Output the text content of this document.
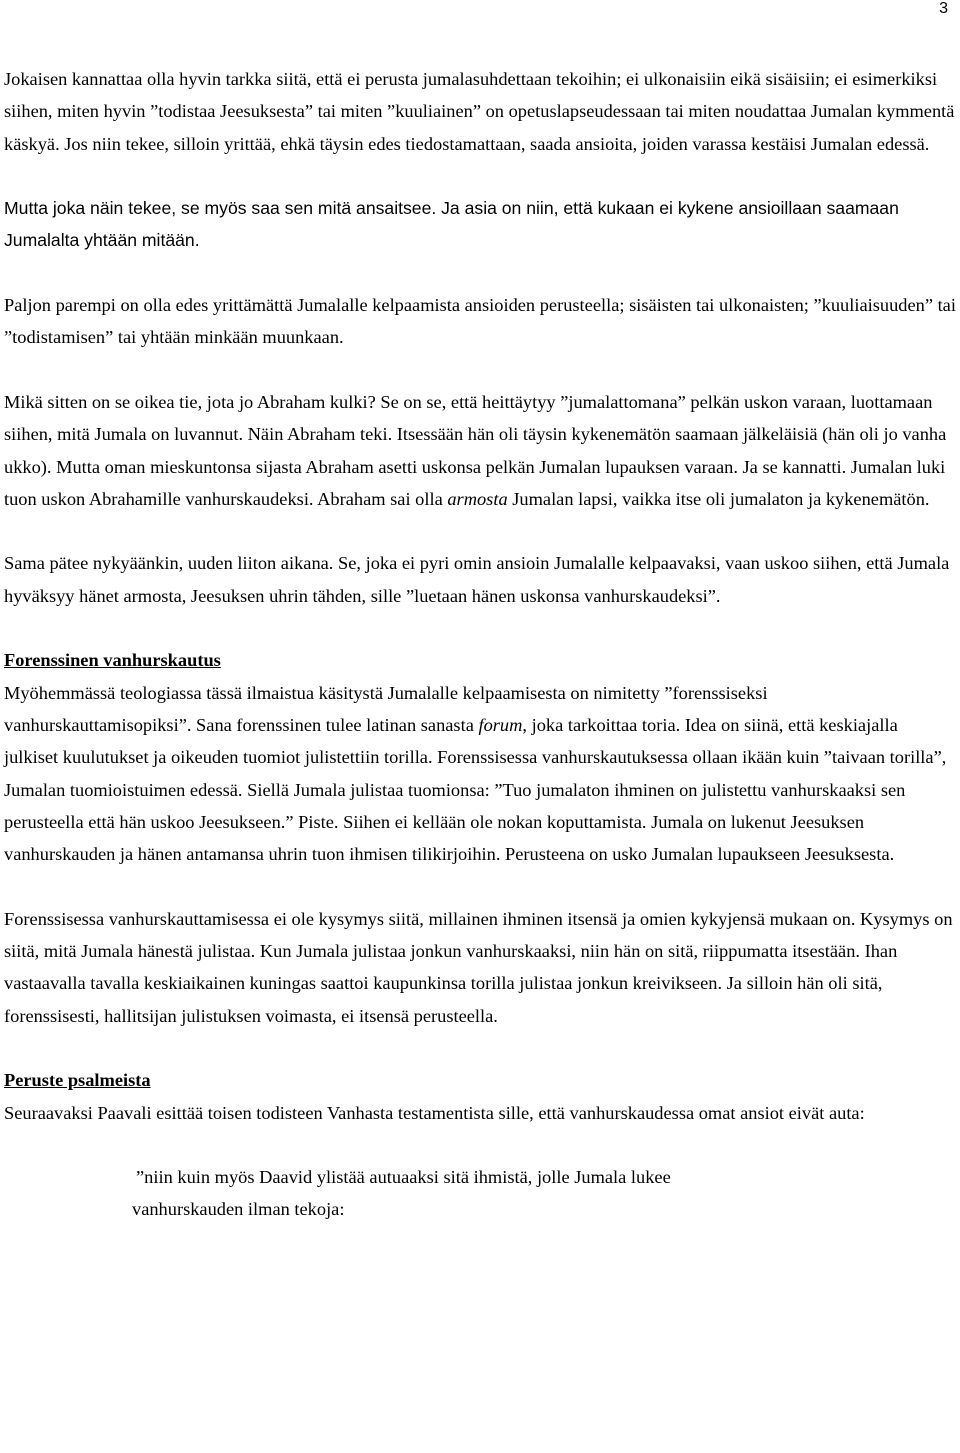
3

Jokaisen kannattaa olla hyvin tarkka siitä, että ei perusta jumalasuhdettaan tekoihin; ei ulkonaisiin eikä sisäisiin; ei esimerkiksi siihen, miten hyvin ”todistaa Jeesuksesta” tai miten ”kuuliainen” on opetuslapseudessaan tai miten noudattaa Jumalan kymmentä käskyä. Jos niin tekee, silloin yrittää, ehkä täysin edes tiedostamattaan, saada ansioita, joiden varassa kestäisi Jumalan edessä.

Mutta joka näin tekee, se myös saa sen mitä ansaitsee. Ja asia on niin, että kukaan ei kykene ansioillaan saamaan Jumalalta yhtään mitään.

Paljon parempi on olla edes yrittämättä Jumalalle kelpaamista ansioiden perusteella; sisäisten tai ulkonaisten; ”kuuliaisuuden” tai ”todistamisen” tai yhtään minkään muunkaan.

Mikä sitten on se oikea tie, jota jo Abraham kulki? Se on se, että heittäytyy ”jumalattomana” pelkän uskon varaan, luottamaan siihen, mitä Jumala on luvannut. Näin Abraham teki. Itsessään hän oli täysin kykenemätön saamaan jälkeläisiä (hän oli jo vanha ukko). Mutta oman mieskuntonsa sijasta Abraham asetti uskonsa pelkän Jumalan lupauksen varaan. Ja se kannatti. Jumalan luki tuon uskon Abrahamille vanhurskaudeksi. Abraham sai olla armosta Jumalan lapsi, vaikka itse oli jumalaton ja kykenemätön.

Sama pätee nykyäänkin, uuden liiton aikana. Se, joka ei pyri omin ansioin Jumalalle kelpaavaksi, vaan uskoo siihen, että Jumala hyväksyy hänet armosta, Jeesuksen uhrin tähden, sille ”luetaan hänen uskonsa vanhurskaudeksi”.

Forenssinen vanhurskautus
Myöhemmässä teologiassa tässä ilmaistua käsitystä Jumalalle kelpaamisesta on nimitetty ”forenssiseksi vanhurskauttamisopiksi”. Sana forenssinen tulee latinan sanasta forum, joka tarkoittaa toria. Idea on siinä, että keskiajalla julkiset kuulutukset ja oikeuden tuomiot julistettiin torilla. Forenssisessa vanhurskautuksessa ollaan ikään kuin ”taivaan torilla”, Jumalan tuomioistuimen edessä. Siellä Jumala julistaa tuomionsa: ”Tuo jumalaton ihminen on julistettu vanhurskaaksi sen perusteella että hän uskoo Jeesukseen.” Piste. Siihen ei kellään ole nokan koputtamista. Jumala on lukenut Jeesuksen vanhurskauden ja hänen antamansa uhrin tuon ihmisen tilikirjoihin. Perusteena on usko Jumalan lupaukseen Jeesuksesta.

Forenssisessa vanhurskauttamisessa ei ole kysymys siitä, millainen ihminen itsensä ja omien kykyjensä mukaan on. Kysymys on siitä, mitä Jumala hänestä julistaa. Kun Jumala julistaa jonkun vanhurskaaksi, niin hän on sitä, riippumatta itsestään. Ihan vastaavalla tavalla keskiaikainen kuningas saattoi kaupunkinsa torilla julistaa jonkun kreivikseen. Ja silloin hän oli sitä, forenssisesti, hallitsijan julistuksen voimasta, ei itsensä perusteella.

Peruste psalmeista
Seuraavaksi Paavali esittää toisen todisteen Vanhasta testamentista sille, että vanhurskaudessa omat ansiot eivät auta:

”niin kuin myös Daavid ylistää autuaaksi sitä ihmistä, jolle Jumala lukee
vanhurskauden ilman tekoja:
